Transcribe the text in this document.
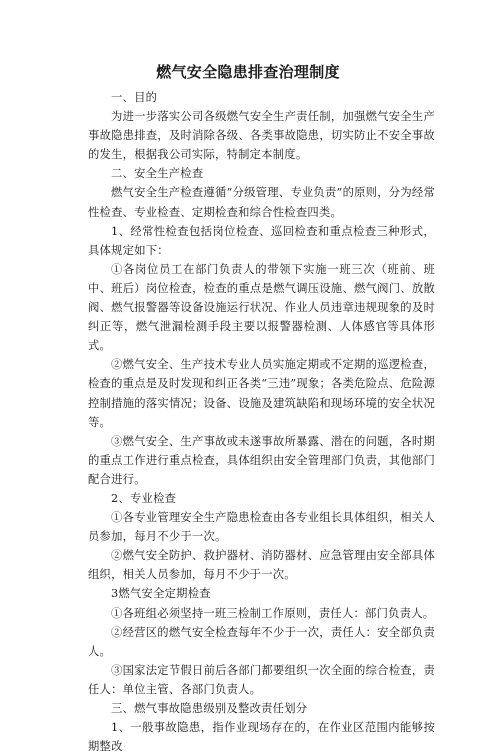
燃气安全隐患排查治理制度

一、目的

为进一步落实公司各级燃气安全生产责任制，加强燃气安全生产事故隐患排查，及时消除各级、各类事故隐患，切实防止不安全事故的发生，根据我公司实际，特制定本制度。

二、安全生产检查

燃气安全生产检查遵循“分级管理、专业负责”的原则，分为经常性检查、专业检查、定期检查和综合性检查四类。

1、经常性检查包括岗位检查、巡回检查和重点检查三种形式，具体规定如下：

①各岗位员工在部门负责人的带领下实施一班三次（班前、班中、班后）岗位检查，检查的重点是燃气调压设施、燃气阀门、放散阀、燃气报警器等设备设施运行状况、作业人员违章违规现象的及时纠正等，燃气泄漏检测手段主要以报警器检测、人体感官等具体形式。

②燃气安全、生产技术专业人员实施定期或不定期的巡逻检查，检查的重点是及时发现和纠正各类“三违”现象；各类危险点、危险源控制措施的落实情况；设备、设施及建筑缺陷和现场环境的安全状况等。

③燃气安全、生产事故或未遂事故所暴露、潜在的问题，各时期的重点工作进行重点检查，具体组织由安全管理部门负责，其他部门配合进行。

2、专业检查

①各专业管理安全生产隐患检查由各专业组长具体组织，相关人员参加，每月不少于一次。

②燃气安全防护、救护器材、消防器材、应急管理由安全部具体组织，相关人员参加，每月不少于一次。

3燃气安全定期检查

①各班组必须坚持一班三检制工作原则，责任人：部门负责人。

②经营区的燃气安全检查每年不少于一次，责任人：安全部负责人。

③国家法定节假日前后各部门都要组织一次全面的综合检查，责任人：单位主管、各部门负责人。

三、燃气事故隐患级别及整改责任划分

1、一般事故隐患，指作业现场存在的，在作业区范围内能够按期整改
